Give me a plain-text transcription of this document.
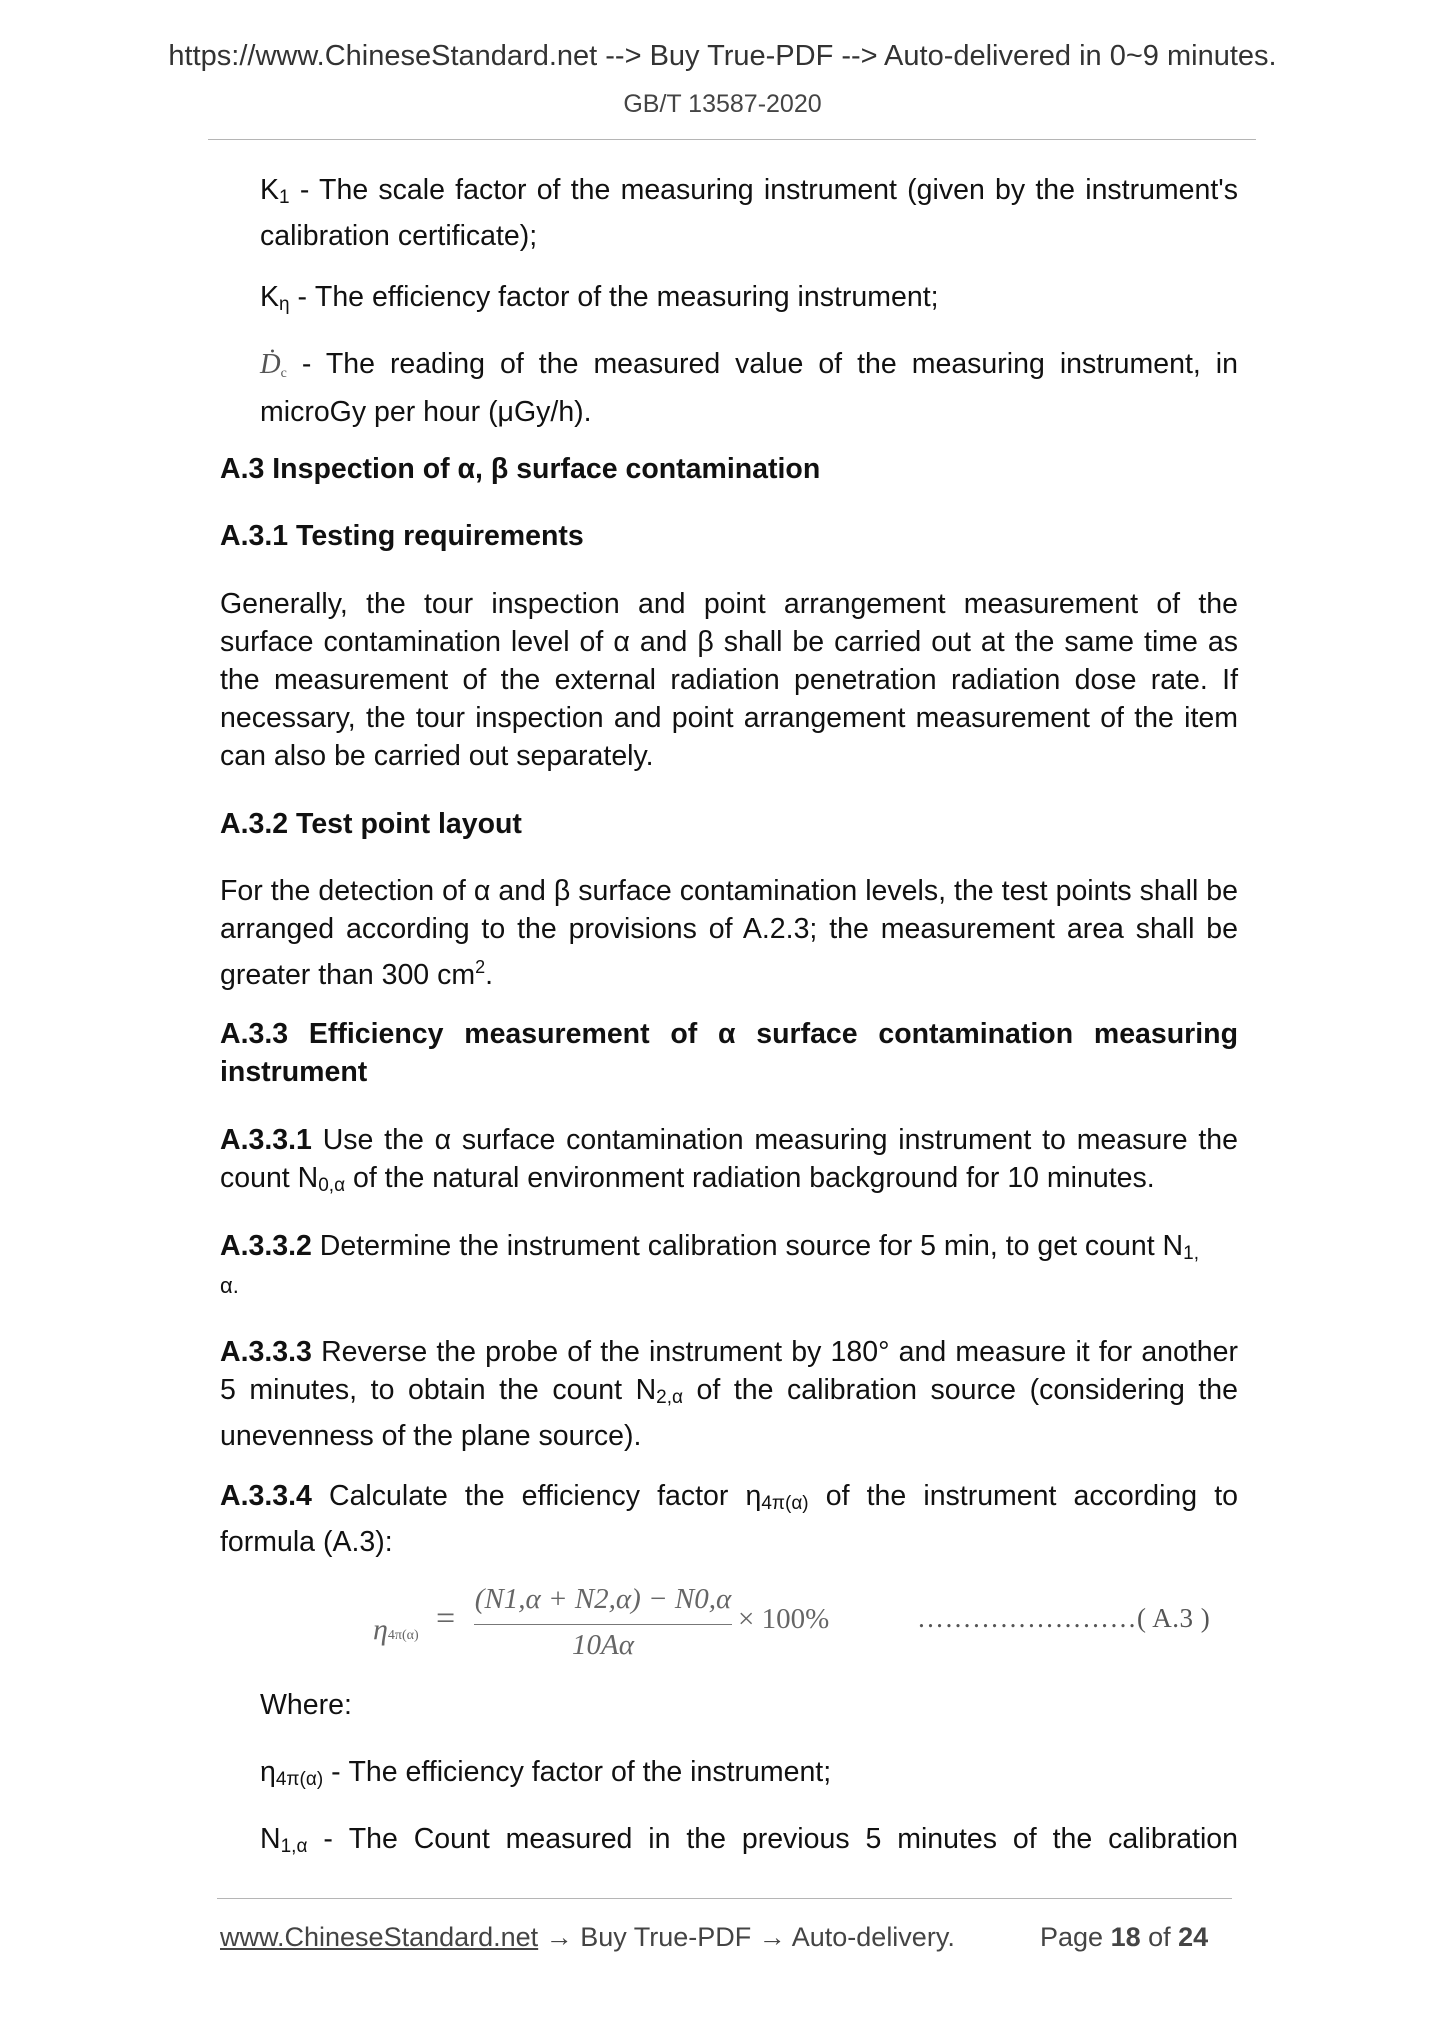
https://www.ChineseStandard.net --> Buy True-PDF --> Auto-delivered in 0~9 minutes.
GB/T 13587-2020
$K_1$ - The scale factor of the measuring instrument (given by the instrument's calibration certificate);
$K_\eta$ - The efficiency factor of the measuring instrument;
Ḋ$_c$ - The reading of the measured value of the measuring instrument, in microGy per hour (μGy/h).
A.3 Inspection of α, β surface contamination
A.3.1 Testing requirements
Generally, the tour inspection and point arrangement measurement of the surface contamination level of α and β shall be carried out at the same time as the measurement of the external radiation penetration radiation dose rate. If necessary, the tour inspection and point arrangement measurement of the item can also be carried out separately.
A.3.2 Test point layout
For the detection of α and β surface contamination levels, the test points shall be arranged according to the provisions of A.2.3; the measurement area shall be greater than 300 $cm^2$.
A.3.3 Efficiency measurement of α surface contamination measuring instrument
A.3.3.1 Use the α surface contamination measuring instrument to measure the count $N_{0,\alpha}$ of the natural environment radiation background for 10 minutes.
A.3.3.2 Determine the instrument calibration source for 5 min, to get count $N_{1,}$
α.
A.3.3.3 Reverse the probe of the instrument by 180° and measure it for another 5 minutes, to obtain the count $N_{2,\alpha}$ of the calibration source (considering the unevenness of the plane source).
A.3.3.4 Calculate the efficiency factor $\eta_{4\pi(\alpha)}$ of the instrument according to formula (A.3):
η4π(α) =
(N1,α + N2,α) − N0,α
10Aα
× 100%	……………………( A.3 )
Where:
$\eta_{4\pi(\alpha)}$ - The efficiency factor of the instrument;
$N_{1,\alpha}$ - The Count measured in the previous 5 minutes of the calibration
www.ChineseStandard.net → Buy True-PDF → Auto-delivery.	Page 18 of 24
